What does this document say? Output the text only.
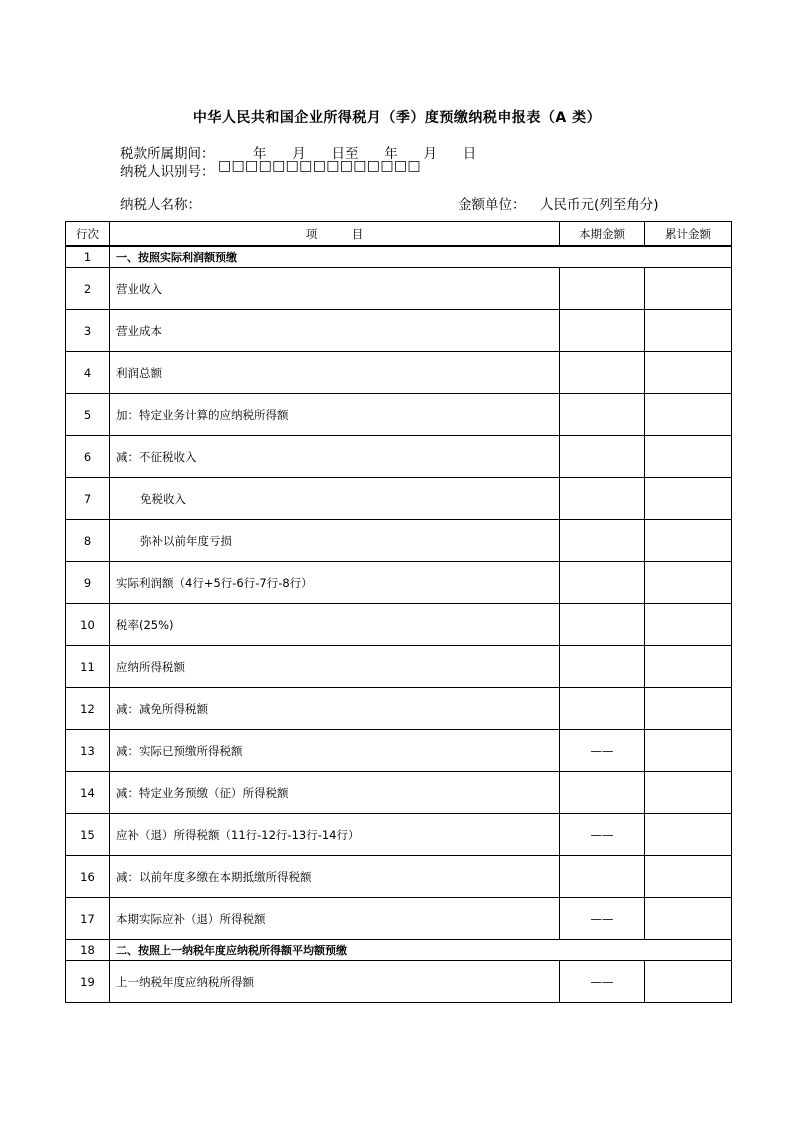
中华人民共和国企业所得税月（季）度预缴纳税申报表（A 类）
税款所属期间：	年      月      日至      年      月      日
纳税人识别号： □□□□□□□□□□□□□□□
纳税人名称：	金额单位： 人民币元(列至角分)
行次	项　　　目	本期金额	累计金额
1	一、按照实际利润额预缴		
2	营业收入		
3	营业成本		
4	利润总额		
5	加：特定业务计算的应纳税所得额		
6	减：不征税收入		
7	免税收入		
8	弥补以前年度亏损		
9	实际利润额（4行+5行-6行-7行-8行）		
10	税率(25%)		
11	应纳所得税额		
12	减：减免所得税额		
13	减：实际已预缴所得税额	——	
14	减：特定业务预缴（征）所得税额		
15	应补（退）所得税额（11行-12行-13行-14行）	——	
16	减：以前年度多缴在本期抵缴所得税额		
17	本期实际应补（退）所得税额	——	
18	二、按照上一纳税年度应纳税所得额平均额预缴		
19	上一纳税年度应纳税所得额	——	
